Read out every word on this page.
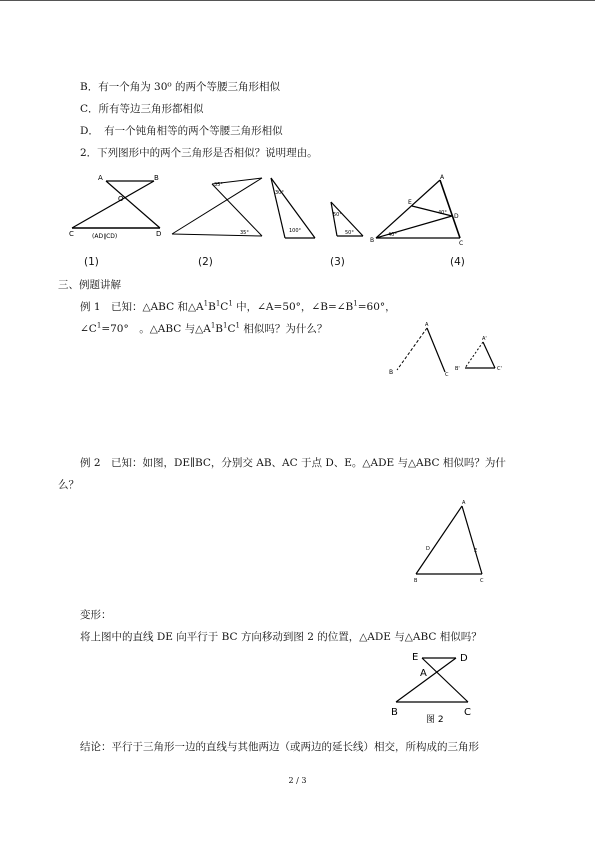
B．有一个角为 30⁰ 的两个等腰三角形相似
C．所有等边三角形都相似
D．　有一个钝角相等的两个等腰三角形相似
2．下列图形中的两个三角形是否相似？说明理由。
A	B
O
C	D
(AD∥CD)
35°
35°
30°
100°
50°
50°
A
E
D
B	C
40°
40°
(1)	(2)	(3)	(4)
三、例题讲解
例 1　已知：△ABC 和$\triangle A^1B^1C^1$ 中，∠A=50°，$\angle B=\angle B^1=60^\circ$，
$\angle C^1=70^\circ$　。△ABC 与$\triangle A^1B^1C^1$ 相似吗？为什么？	A
B	C
A'
B'	C'
例 2　已知：如图，DE∥BC，分别交 AB、AC 于点 D、E。△ADE 与△ABC 相似吗？为什
么？
A
D	E
B	C
变形：
将上图中的直线 DE 向平行于 BC 方向移动到图 2 的位置，△ADE 与△ABC 相似吗？
E	D
A
B	C
图 2
结论：平行于三角形一边的直线与其他两边（或两边的延长线）相交，所构成的三角形
2 / 3
